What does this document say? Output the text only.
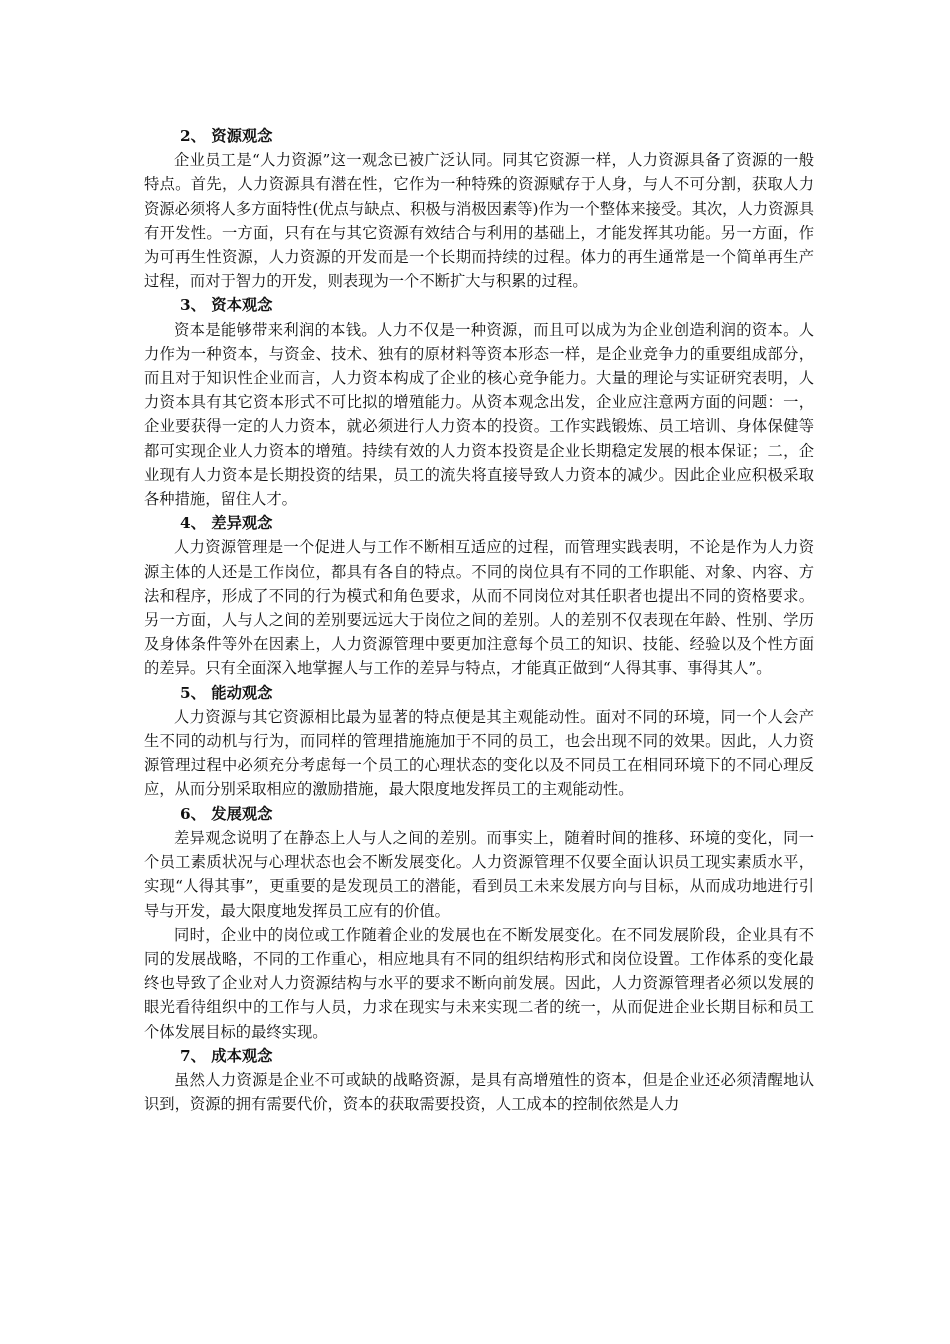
2、 资源观念

企业员工是“人力资源”这一观念已被广泛认同。同其它资源一样，人力资源具备了资源的一般特点。首先，人力资源具有潜在性，它作为一种特殊的资源赋存于人身，与人不可分割，获取人力资源必须将人多方面特性(优点与缺点、积极与消极因素等)作为一个整体来接受。其次，人力资源具有开发性。一方面，只有在与其它资源有效结合与利用的基础上，才能发挥其功能。另一方面，作为可再生性资源，人力资源的开发而是一个长期而持续的过程。体力的再生通常是一个简单再生产过程，而对于智力的开发，则表现为一个不断扩大与积累的过程。

3、 资本观念

资本是能够带来利润的本钱。人力不仅是一种资源，而且可以成为为企业创造利润的资本。人力作为一种资本，与资金、技术、独有的原材料等资本形态一样，是企业竞争力的重要组成部分，而且对于知识性企业而言，人力资本构成了企业的核心竞争能力。大量的理论与实证研究表明，人力资本具有其它资本形式不可比拟的增殖能力。从资本观念出发，企业应注意两方面的问题：一，企业要获得一定的人力资本，就必须进行人力资本的投资。工作实践锻炼、员工培训、身体保健等都可实现企业人力资本的增殖。持续有效的人力资本投资是企业长期稳定发展的根本保证；二，企业现有人力资本是长期投资的结果，员工的流失将直接导致人力资本的减少。因此企业应积极采取各种措施，留住人才。

4、 差异观念

人力资源管理是一个促进人与工作不断相互适应的过程，而管理实践表明，不论是作为人力资源主体的人还是工作岗位，都具有各自的特点。不同的岗位具有不同的工作职能、对象、内容、方法和程序，形成了不同的行为模式和角色要求，从而不同岗位对其任职者也提出不同的资格要求。另一方面，人与人之间的差别要远远大于岗位之间的差别。人的差别不仅表现在年龄、性别、学历及身体条件等外在因素上，人力资源管理中要更加注意每个员工的知识、技能、经验以及个性方面的差异。只有全面深入地掌握人与工作的差异与特点，才能真正做到“人得其事、事得其人”。

5、 能动观念

人力资源与其它资源相比最为显著的特点便是其主观能动性。面对不同的环境，同一个人会产生不同的动机与行为，而同样的管理措施施加于不同的员工，也会出现不同的效果。因此，人力资源管理过程中必须充分考虑每一个员工的心理状态的变化以及不同员工在相同环境下的不同心理反应，从而分别采取相应的激励措施，最大限度地发挥员工的主观能动性。

6、 发展观念

差异观念说明了在静态上人与人之间的差别。而事实上，随着时间的推移、环境的变化，同一个员工素质状况与心理状态也会不断发展变化。人力资源管理不仅要全面认识员工现实素质水平，实现“人得其事”，更重要的是发现员工的潜能，看到员工未来发展方向与目标，从而成功地进行引导与开发，最大限度地发挥员工应有的价值。

同时，企业中的岗位或工作随着企业的发展也在不断发展变化。在不同发展阶段，企业具有不同的发展战略，不同的工作重心，相应地具有不同的组织结构形式和岗位设置。工作体系的变化最终也导致了企业对人力资源结构与水平的要求不断向前发展。因此，人力资源管理者必须以发展的眼光看待组织中的工作与人员，力求在现实与未来实现二者的统一，从而促进企业长期目标和员工个体发展目标的最终实现。

7、 成本观念

虽然人力资源是企业不可或缺的战略资源，是具有高增殖性的资本，但是企业还必须清醒地认识到，资源的拥有需要代价，资本的获取需要投资，人工成本的控制依然是人力
